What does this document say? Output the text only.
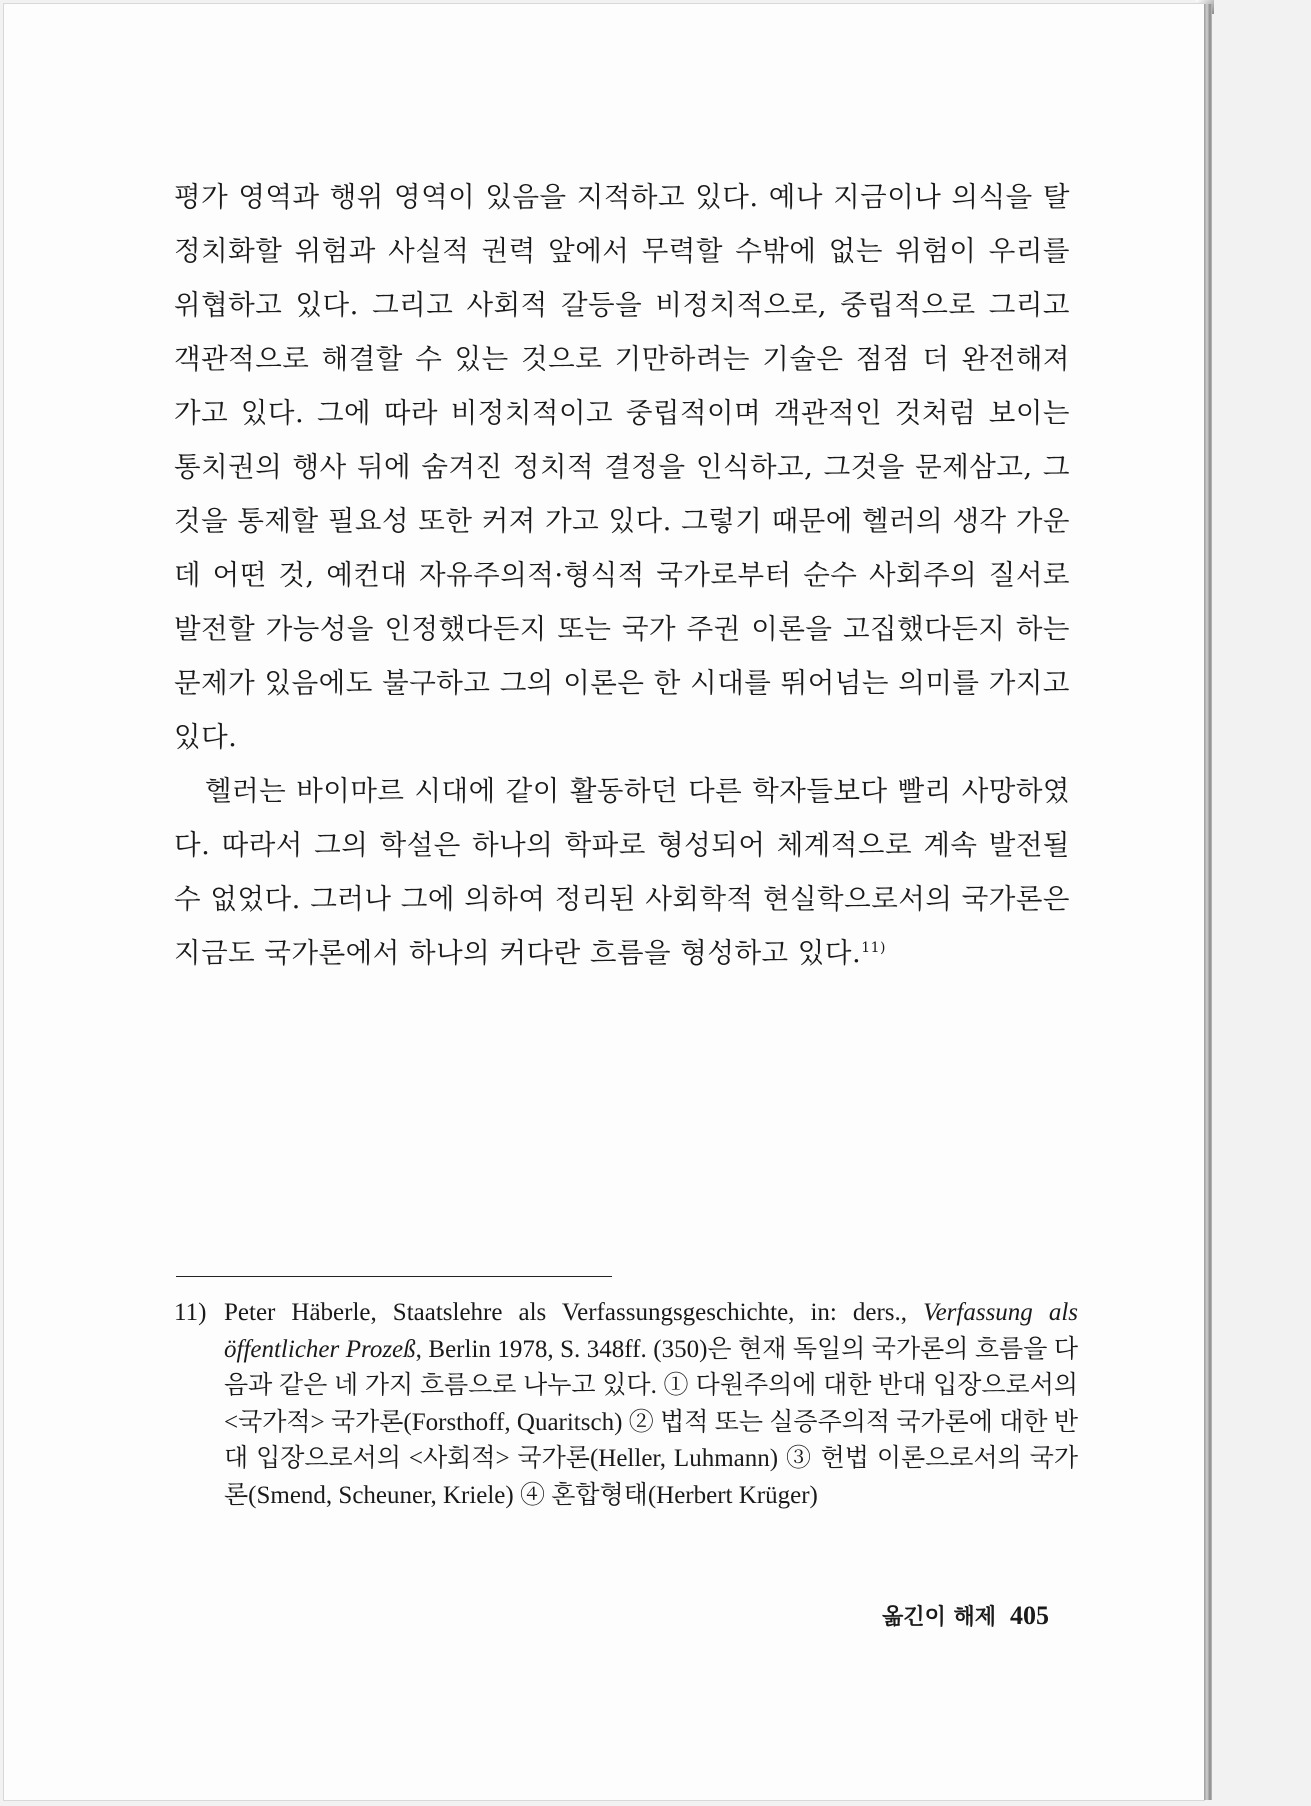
평가 영역과 행위 영역이 있음을 지적하고 있다. 예나 지금이나 의식을 탈정치화할 위험과 사실적 권력 앞에서 무력할 수밖에 없는 위험이 우리를 위협하고 있다. 그리고 사회적 갈등을 비정치적으로, 중립적으로 그리고 객관적으로 해결할 수 있는 것으로 기만하려는 기술은 점점 더 완전해져 가고 있다. 그에 따라 비정치적이고 중립적이며 객관적인 것처럼 보이는 통치권의 행사 뒤에 숨겨진 정치적 결정을 인식하고, 그것을 문제삼고, 그것을 통제할 필요성 또한 커져 가고 있다. 그렇기 때문에 헬러의 생각 가운데 어떤 것, 예컨대 자유주의적·형식적 국가로부터 순수 사회주의 질서로 발전할 가능성을 인정했다든지 또는 국가 주권 이론을 고집했다든지 하는 문제가 있음에도 불구하고 그의 이론은 한 시대를 뛰어넘는 의미를 가지고 있다.

헬러는 바이마르 시대에 같이 활동하던 다른 학자들보다 빨리 사망하였다. 따라서 그의 학설은 하나의 학파로 형성되어 체계적으로 계속 발전될 수 없었다. 그러나 그에 의하여 정리된 사회학적 현실학으로서의 국가론은 지금도 국가론에서 하나의 커다란 흐름을 형성하고 있다.$^{11)}$

11) Peter Häberle, Staatslehre als Verfassungsgeschichte, in: ders., Verfassung als öffentlicher Prozeß, Berlin 1978, S. 348ff. (350)은 현재 독일의 국가론의 흐름을 다음과 같은 네 가지 흐름으로 나누고 있다. ① 다원주의에 대한 반대 입장으로서의 <국가적> 국가론(Forsthoff, Quaritsch) ② 법적 또는 실증주의적 국가론에 대한 반대 입장으로서의 <사회적> 국가론(Heller, Luhmann) ③ 헌법 이론으로서의 국가론(Smend, Scheuner, Kriele) ④ 혼합형태(Herbert Krüger)
옮긴이 해제 405
